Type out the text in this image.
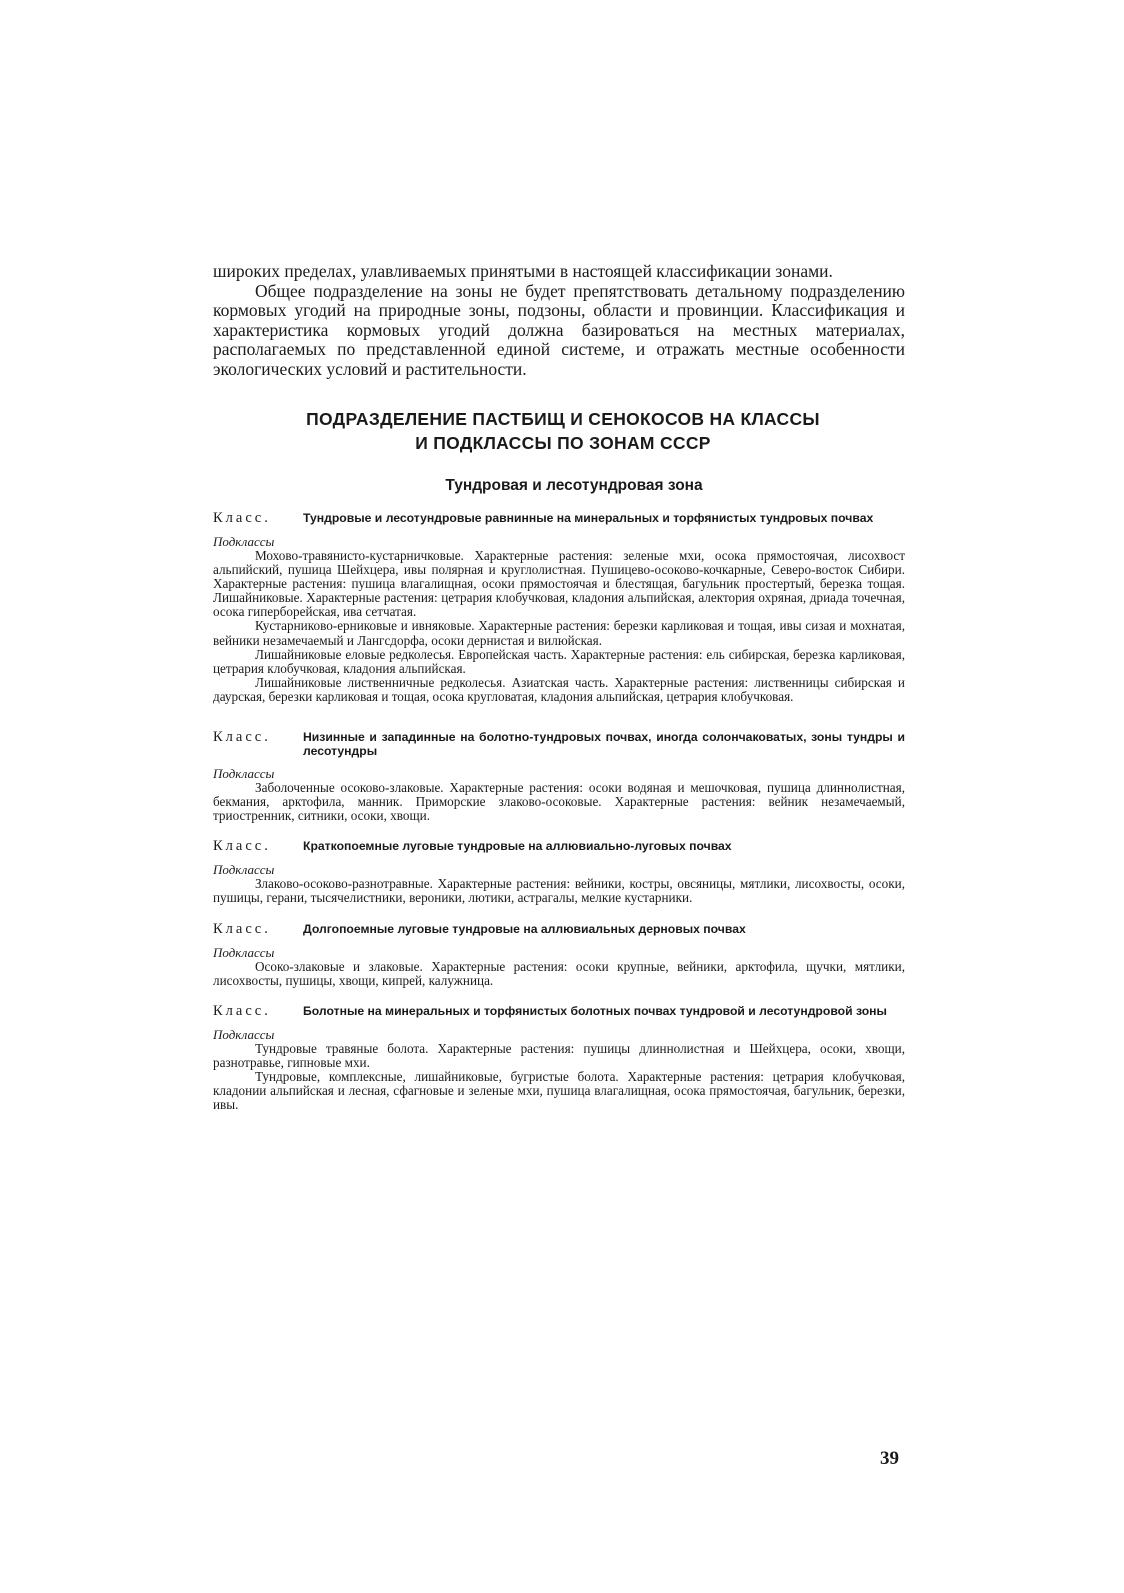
широких пределах, улавливаемых принятыми в настоящей классификации зонами.

Общее подразделение на зоны не будет препятствовать детальному подразделению кормовых угодий на природные зоны, подзоны, области и провинции. Классификация и характеристика кормовых угодий должна базироваться на местных материалах, располагаемых по представленной единой системе, и отражать местные особенности экологических условий и растительности.

ПОДРАЗДЕЛЕНИЕ ПАСТБИЩ И СЕНОКОСОВ НА КЛАССЫ
И ПОДКЛАССЫ ПО ЗОНАМ СССР
Тундровая и лесотундровая зона
Класс.	Тундровые и лесотундровые равнинные на минеральных и торфянистых тундровых почвах
Подклассы

Мохово-травянисто-кустарничковые. Характерные растения: зеленые мхи, осока прямостоячая, лисохвост альпийский, пушица Шейхцера, ивы полярная и круглолистная. Пушицево-осоково-кочкарные, Северо-восток Сибири. Характерные растения: пушица влагалищная, осоки прямостоячая и блестящая, багульник простертый, березка тощая. Лишайниковые. Характерные растения: цетрария клобучковая, кладония альпийская, алектория охряная, дриада точечная, осока гиперборейская, ива сетчатая.

Кустарниково-ерниковые и ивняковые. Характерные растения: березки карликовая и тощая, ивы сизая и мохнатая, вейники незамечаемый и Лангсдорфа, осоки дернистая и вилюйская.

Лишайниковые еловые редколесья. Европейская часть. Характерные растения: ель сибирская, березка карликовая, цетрария клобучковая, кладония альпийская.

Лишайниковые лиственничные редколесья. Азиатская часть. Характерные растения: лиственницы сибирская и даурская, березки карликовая и тощая, осока кругловатая, кладония альпийская, цетрария клобучковая.

Класс.	Низинные и западинные на болотно-тундровых почвах, иногда солончаковатых, зоны тундры и лесотундры
Подклассы

Заболоченные осоково-злаковые. Характерные растения: осоки водяная и мешочковая, пушица длиннолистная, бекмания, арктофила, манник. Приморские злаково-осоковые. Характерные растения: вейник незамечаемый, триостренник, ситники, осоки, хвощи.

Класс.	Краткопоемные луговые тундровые на аллювиально-луговых почвах
Подклассы

Злаково-осоково-разнотравные. Характерные растения: вейники, костры, овсяницы, мятлики, лисохвосты, осоки, пушицы, герани, тысячелистники, вероники, лютики, астрагалы, мелкие кустарники.

Класс.	Долгопоемные луговые тундровые на аллювиальных дерновых почвах
Подклассы

Осоко-злаковые и злаковые. Характерные растения: осоки крупные, вейники, арктофила, щучки, мятлики, лисохвосты, пушицы, хвощи, кипрей, калужница.

Класс.	Болотные на минеральных и торфянистых болотных почвах тундровой и лесотундровой зоны
Подклассы

Тундровые травяные болота. Характерные растения: пушицы длиннолистная и Шейхцера, осоки, хвощи, разнотравье, гипновые мхи.

Тундровые, комплексные, лишайниковые, бугристые болота. Характерные растения: цетрария клобучковая, кладонии альпийская и лесная, сфагновые и зеленые мхи, пушица влагалищная, осока прямостоячая, багульник, березки, ивы.

39
